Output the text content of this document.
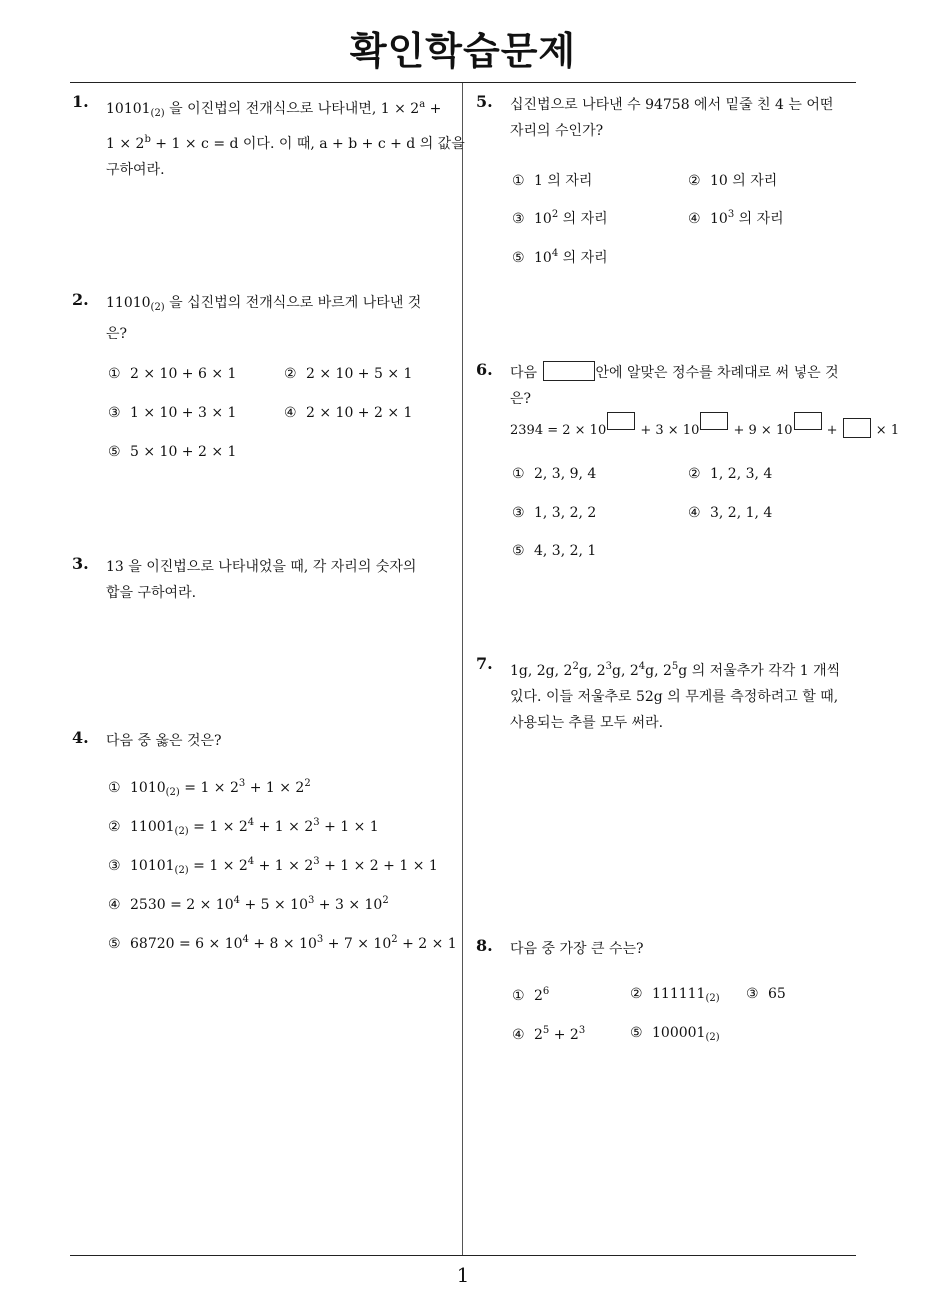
확인학습문제
1
1. $10101_{(2)}$ 을 이진법의 전개식으로 나타내면, $1 \times 2^a$ +
$1 \times 2^b + 1 \times c = d$ 이다. 이 때, a + b + c + d 의 값을
구하여라.
2. $11010_{(2)}$ 을 십진법의 전개식으로 바르게 나타낸 것
은?
① 2 × 10 + 6 × 1	② 2 × 10 + 5 × 1
③ 1 × 10 + 3 × 1	④ 2 × 10 + 2 × 1
⑤ 5 × 10 + 2 × 1
3. 13 을 이진법으로 나타내었을 때, 각 자리의 숫자의
합을 구하여라.
4. 다음 중 옳은 것은?
① $1010_{(2)} = 1 \times 2^3 + 1 \times 2^2$
② $11001_{(2)} = 1 \times 2^4 + 1 \times 2^3 + 1 \times 1$
③ $10101_{(2)} = 1 \times 2^4 + 1 \times 2^3 + 1 \times 2 + 1 \times 1$
④ $2530 = 2 \times 10^4 + 5 \times 10^3 + 3 \times 10^2$
⑤ $68720 = 6 \times 10^4 + 8 \times 10^3 + 7 \times 10^2 + 2 \times 1$
5. 십진법으로 나타낸 수 94758 에서 밑줄 친 4 는 어떤
자리의 수인가?
① 1 의 자리	② 10 의 자리
③ $10^2$ 의 자리	④ $10^3$ 의 자리
⑤ $10^4$ 의 자리
6. 다음	안에 알맞은 정수를 차례대로 써 넣은 것
은?
2394 = 2 × 10 + 3 × 10 + 9 × 10 +  × 1
① 2, 3, 9, 4	② 1, 2, 3, 4
③ 1, 3, 2, 2	④ 3, 2, 1, 4
⑤ 4, 3, 2, 1
7. 1g, 2g, $2^2g$, $2^3g$, $2^4g$, $2^5g$ 의 저울추가 각각 1 개씩
있다. 이들 저울추로 52g 의 무게를 측정하려고 할 때,
사용되는 추를 모두 써라.
8. 다음 중 가장 큰 수는?
① $2^6$	② $111111_{(2)}$ ③ 65
④ $2^5 + 2^3$	⑤ $100001_{(2)}$
